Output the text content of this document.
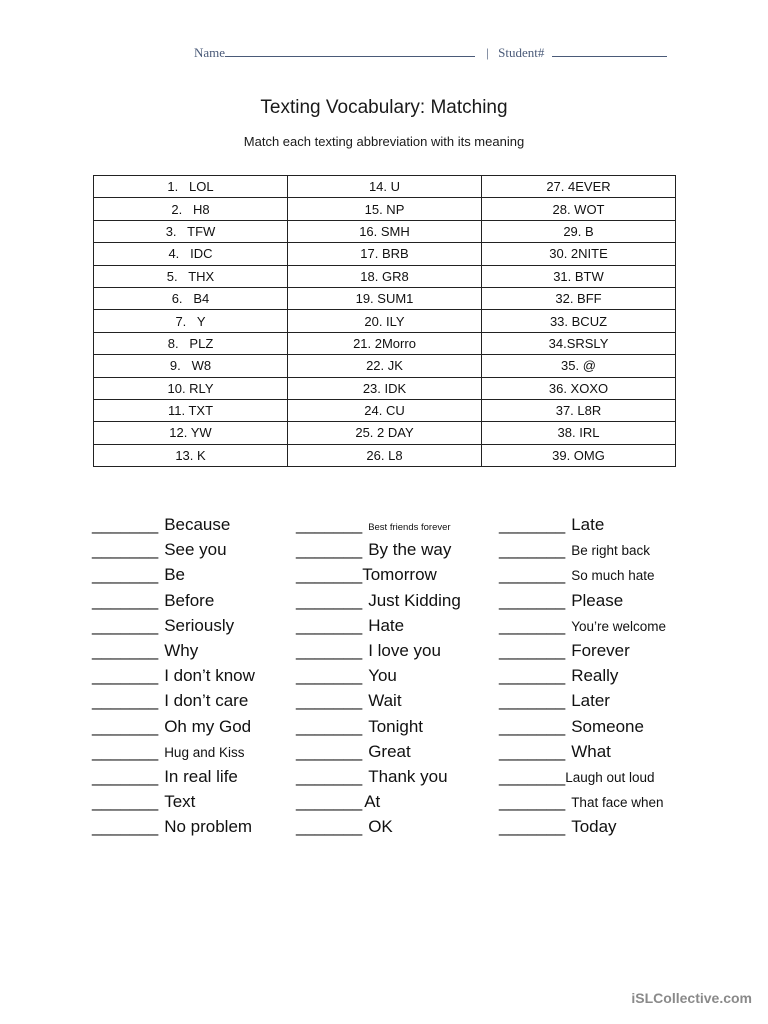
Name	| Student#
Texting Vocabulary: Matching
Match each texting abbreviation with its meaning
1.   LOL	14. U	27. 4EVER
2.   H8	15. NP	28. WOT
3.   TFW	16. SMH	29. B
4.   IDC	17. BRB	30. 2NITE
5.   THX	18. GR8	31. BTW
6.   B4	19. SUM1	32. BFF
7.   Y	20. ILY	33. BCUZ
8.   PLZ	21. 2Morro	34.SRSLY
9.   W8	22. JK	35. @
10. RLY	23. IDK	36. XOXO
11. TXT	24. CU	37. L8R
12. YW	25. 2 DAY	38. IRL
13. K	26. L8	39. OMG
_______ Because
_______ See you
_______ Be
_______ Before
_______ Seriously
_______ Why
_______ I don’t know
_______ I don’t care
_______ Oh my God
_______ Hug and Kiss
_______ In real life
_______ Text
_______ No problem
_______ Best friends forever
_______ By the way
_______Tomorrow
_______ Just Kidding
_______ Hate
_______ I love you
_______ You
_______ Wait
_______ Tonight
_______ Great
_______ Thank you
_______ At
_______ OK
_______ Late
_______ Be right back
_______ So much hate
_______ Please
_______ You’re welcome
_______ Forever
_______ Really
_______ Later
_______ Someone
_______ What
_______Laugh out loud
_______ That face when
_______ Today
iSLCollective.com
